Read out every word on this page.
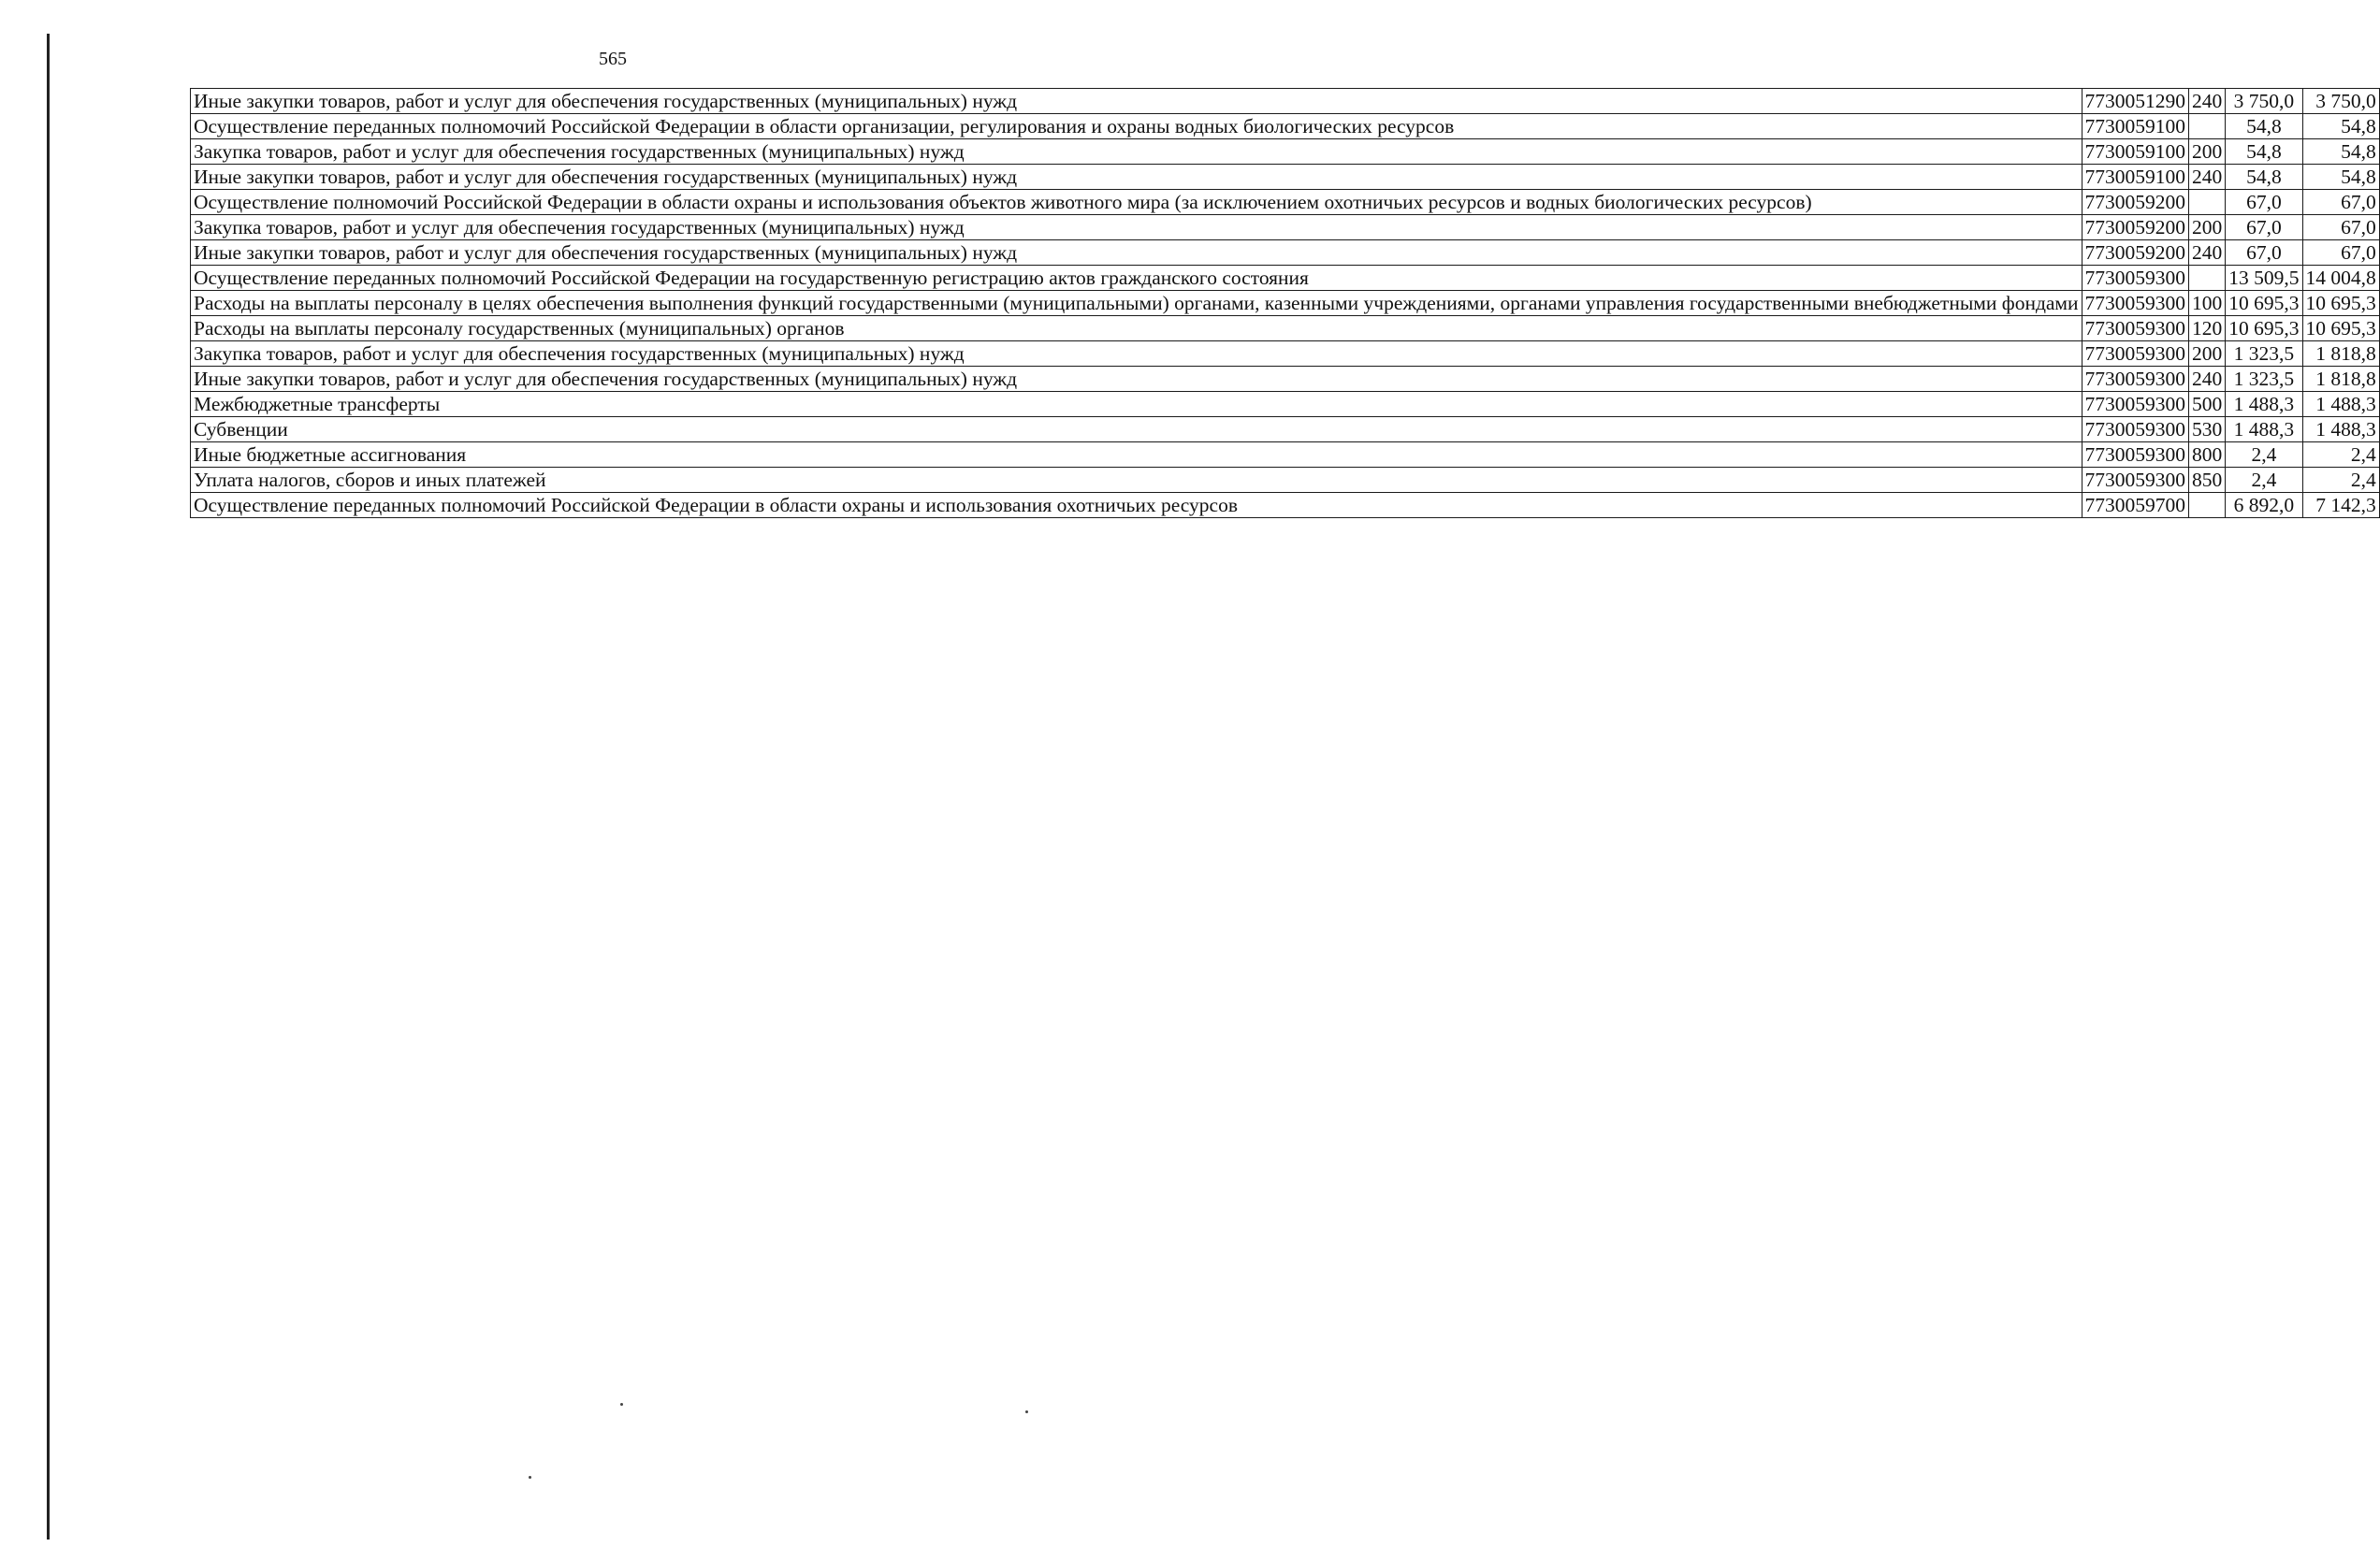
565
Иные закупки товаров, работ и услуг для обеспечения государственных (муниципальных) нужд	7730051290	240	3 750,0	3 750,0
Осуществление переданных полномочий Российской Федерации в области организации, регулирования и охраны водных биологических ресурсов	7730059100		54,8	54,8
Закупка товаров, работ и услуг для обеспечения государственных (муниципальных) нужд	7730059100	200	54,8	54,8
Иные закупки товаров, работ и услуг для обеспечения государственных (муниципальных) нужд	7730059100	240	54,8	54,8
Осуществление полномочий Российской Федерации в области охраны и использования объектов животного мира (за исключением охотничьих ресурсов и водных биологических ресурсов)	7730059200		67,0	67,0
Закупка товаров, работ и услуг для обеспечения государственных (муниципальных) нужд	7730059200	200	67,0	67,0
Иные закупки товаров, работ и услуг для обеспечения государственных (муниципальных) нужд	7730059200	240	67,0	67,0
Осуществление переданных полномочий Российской Федерации на государственную регистрацию актов гражданского состояния	7730059300		13 509,5	14 004,8
Расходы на выплаты персоналу в целях обеспечения выполнения функций государственными (муниципальными) органами, казенными учреждениями, органами управления государственными внебюджетными фондами	7730059300	100	10 695,3	10 695,3
Расходы на выплаты персоналу государственных (муниципальных) органов	7730059300	120	10 695,3	10 695,3
Закупка товаров, работ и услуг для обеспечения государственных (муниципальных) нужд	7730059300	200	1 323,5	1 818,8
Иные закупки товаров, работ и услуг для обеспечения государственных (муниципальных) нужд	7730059300	240	1 323,5	1 818,8
Межбюджетные трансферты	7730059300	500	1 488,3	1 488,3
Субвенции	7730059300	530	1 488,3	1 488,3
Иные бюджетные ассигнования	7730059300	800	2,4	2,4
Уплата налогов, сборов и иных платежей	7730059300	850	2,4	2,4
Осуществление переданных полномочий Российской Федерации в области охраны и использования охотничьих ресурсов	7730059700		6 892,0	7 142,3
